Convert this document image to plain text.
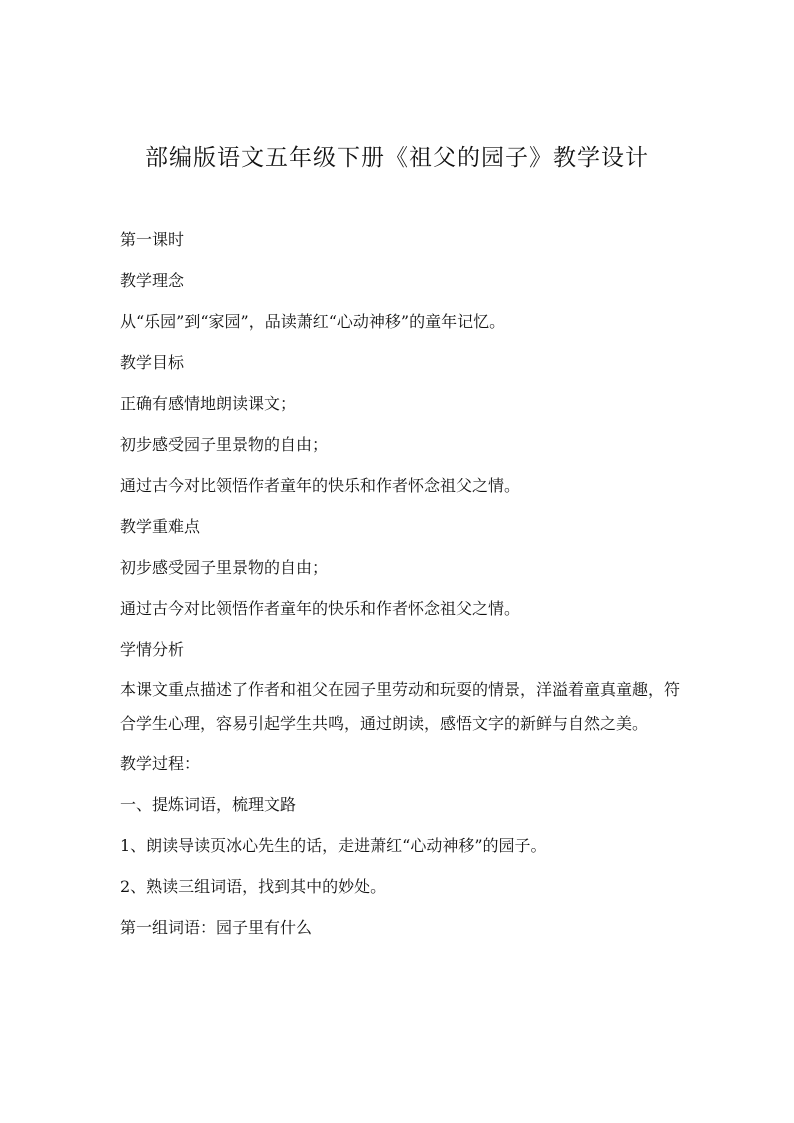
部编版语文五年级下册《祖父的园子》教学设计

第一课时

教学理念

从“乐园”到“家园”，品读萧红“心动神移”的童年记忆。

教学目标

正确有感情地朗读课文；

初步感受园子里景物的自由；

通过古今对比领悟作者童年的快乐和作者怀念祖父之情。

教学重难点

初步感受园子里景物的自由；

通过古今对比领悟作者童年的快乐和作者怀念祖父之情。

学情分析

本课文重点描述了作者和祖父在园子里劳动和玩耍的情景，洋溢着童真童趣，符合学生心理，容易引起学生共鸣，通过朗读，感悟文字的新鲜与自然之美。

教学过程：

一、提炼词语，梳理文路

1、朗读导读页冰心先生的话，走进萧红“心动神移”的园子。

2、熟读三组词语，找到其中的妙处。

第一组词语：园子里有什么
